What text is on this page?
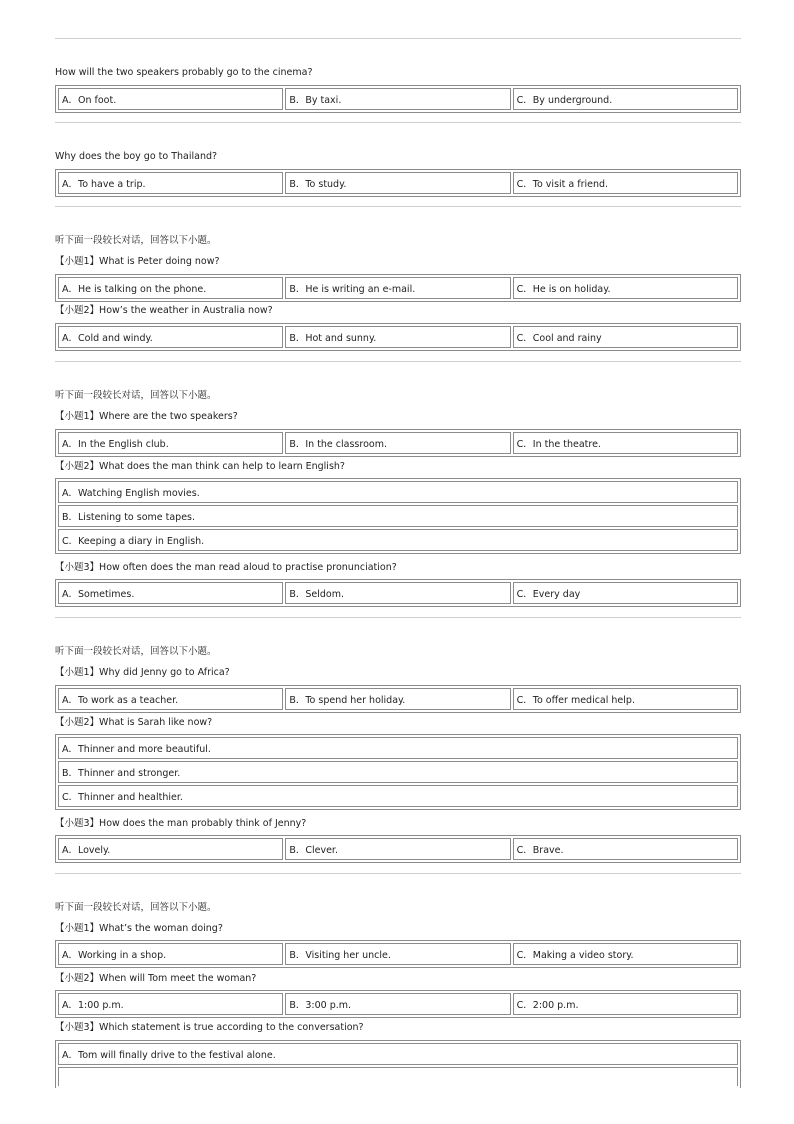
How will the two speakers probably go to the cinema?
A．On foot.	B．By taxi.	C．By underground.
Why does the boy go to Thailand?
A．To have a trip.	B．To study.	C．To visit a friend.
听下面一段较长对话，回答以下小题。
【小题1】What is Peter doing now?
A．He is talking on the phone.	B．He is writing an e-mail.	C．He is on holiday.
【小题2】How’s the weather in Australia now?
A．Cold and windy.	B．Hot and sunny.	C．Cool and rainy
听下面一段较长对话，回答以下小题。
【小题1】Where are the two speakers?
A．In the English club.	B．In the classroom.	C．In the theatre.
【小题2】What does the man think can help to learn English?
A．Watching English movies.
B．Listening to some tapes.
C．Keeping a diary in English.
【小题3】How often does the man read aloud to practise pronunciation?
A．Sometimes.	B．Seldom.	C．Every day
听下面一段较长对话，回答以下小题。
【小题1】Why did Jenny go to Africa?
A．To work as a teacher.	B．To spend her holiday.	C．To offer medical help.
【小题2】What is Sarah like now?
A．Thinner and more beautiful.
B．Thinner and stronger.
C．Thinner and healthier.
【小题3】How does the man probably think of Jenny?
A．Lovely.	B．Clever.	C．Brave.
听下面一段较长对话，回答以下小题。
【小题1】What’s the woman doing?
A．Working in a shop.	B．Visiting her uncle.	C．Making a video story.
【小题2】When will Tom meet the woman?
A．1:00 p.m.	B．3:00 p.m.	C．2:00 p.m.
【小题3】Which statement is true according to the conversation?
A．Tom will finally drive to the festival alone.
